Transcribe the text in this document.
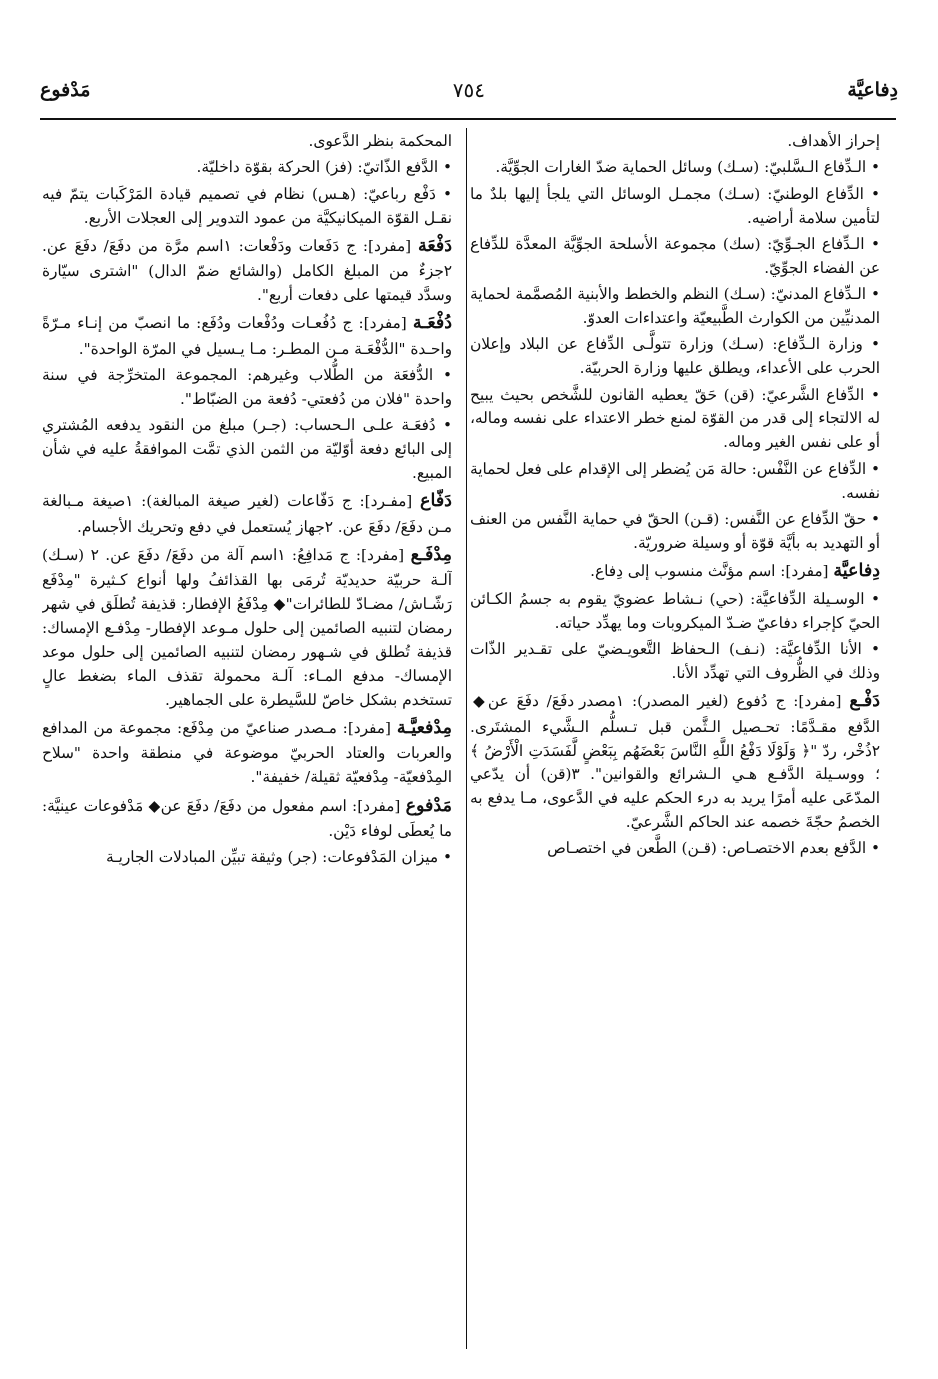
دِفاعيَّة
٧٥٤
مَدْفوع

إحراز الأهداف.

• الـدِّفاع الـسَّلبيّ: (سـك) وسائل الحماية ضدّ الغارات الجوِّيَّة.

• الدِّفاع الوطنيّ: (سـك) مجمـل الوسائل التي يلجأ إليها بلدٌ ما لتأمين سلامة أراضيه.

• الـدِّفاع الجـوِّيّ: (سك) مجموعة الأسلحة الجوِّيَّة المعدَّة للدِّفاع عن الفضاء الجوِّيّ.

• الـدِّفاع المدنيّ: (سـك) النظم والخطط والأبنية المُصمَّمة لحماية المدنيِّين من الكوارث الطَّبيعيّة واعتداءات العدوّ.

• وزارة الـدِّفاع: (سـك) وزارة تتولَّـى الدِّفاع عن البلاد وإعلان الحرب على الأعداء، ويطلق عليها وزارة الحربيّة.

• الدِّفاع الشَّرعيّ: (قن) حَقّ يعطيه القانون للشَّخص بحيث يبيح له الالتجاء إلى قدر من القوّة لمنع خطر الاعتداء على نفسه وماله، أو على نفس الغير وماله.

• الدِّفاع عن النَّفْس: حالة مَن يُضطر إلى الإقدام على فعل لحماية نفسه.

• حقّ الدِّفاع عن النَّفس: (قـن) الحقّ في حماية النَّفس من العنف أو التهديد به بأيَّة قوّة أو وسيلة ضروريّة.

دِفاعيَّة [مفرد]: اسم مؤنَّث منسوب إلى دِفاع.

• الوسـيلة الدِّفاعيَّة: (حي) نـشاط عضويّ يقوم به جسمُ الكـائن الحيّ كإجراء دفاعيّ ضـدّ الميكروبات وما يهدِّد حياته.

• الأنا الدِّفاعيَّة: (نـف) الـحفاظ التَّعويـضيّ على تقـدير الذّات وذلك في الظُّروف التي تهدِّد الأنا.

دَفْـع [مفرد]: ج دُفوع (لغير المصدر): ١مصدر دفَعَ/ دفَعَ عن◆ الدَّفع مقـدَّمًا: تحـصيل الـثَّمن قبل تـسلُّم الـشَّيء المشتَرى. ٢ذُخْر، ردّ "﴿ وَلَوْلَا دَفْعُ اللَّهِ النَّاسَ بَعْضَهُم بِبَعْضٍ لَّفَسَدَتِ الْأَرْضُ ﴾ ؛ ووسـيلة الدَّفـع هـي الـشرائع والقوانين". ٣(قن) أن يدّعي المدّعَى عليه أمرًا يريد به درء الحكم عليه في الدَّعوى، مـا يدفع به الخصمُ حجّةَ خصمه عند الحاكم الشَّرعيّ.

• الدَّفع بعدم الاختصـاص: (قـن) الطَّعن في اختصـاص

المحكمة بنظر الدَّعوى.

• الدَّفع الذّاتيّ: (فز) الحركة بقوّة داخليّة.

• دَفْع رباعيّ: (هـس) نظام في تصميم قيادة المَرْكَبات يتمّ فيه نقـل القوّة الميكانيكيَّة من عمود التدوير إلى العجلات الأربع.

دَفْعَة [مفرد]: ج دَفَعات ودَفْعات: ١اسم مرَّة من دفَعَ/ دفَعَ عن. ٢جزءٌ من المبلغ الكامل (والشائع ضمّ الدال) "اشترى سيّارة وسدَّد قيمتها على دفعات أربع".

دُفْعَـة [مفرد]: ج دُفُعـات ودُفْعات ودُفَع: ما انصبّ من إنـاء مـرّةً واحـدة "الدُّفْعَـة مـن المطـر: مـا يـسيل في المرّة الواحدة".

• الدُّفعَة من الطُّلاب وغيرهم: المجموعة المتخرِّجة في سنة واحدة "فلان من دُفعتي- دُفعة من الضبّاط".

• دُفعَـة علـى الـحساب: (جـر) مبلغ من النقود يدفعه المُشتري إلى البائع دفعة أوّليّة من الثمن الذي تمَّت الموافقةُ عليه في شأن المبيع.

دَفّاع [مفـرد]: ج دَفّاعات (لغير صيغة المبالغة): ١صيغة مـبالغة مـن دفَعَ/ دفَعَ عن. ٢جهاز يُستعمل في دفع وتحريك الأجسام.

مِدْفَـع [مفرد]: ج مَدافِعُ: ١اسم آلة من دفَعَ/ دفَعَ عن. ٢ (سـك) آلـة حربيّة حديديّة تُرمَى بها القذائفُ ولها أنواع كـثيرة "مِدْفَع رَشّـاش/ مضـادّ للطائرات"◆ مِدْفَعُ الإفطار: قذيفة تُطلَق في شهر رمضان لتنبيه الصائمين إلى حلول مـوعد الإفطار- مِدْفـع الإمساك: قذيفة تُطلق في شـهور رمضان لتنبيه الصائمين إلى حلول موعد الإمساك- مدفع المـاء: آلـة محمولة تقذف الماء بضغط عالٍ تستخدم بشكل خاصّ للسَّيطرة على الجماهير.

مِدْفعيَّـة [مفرد]: مـصدر صناعيّ من مِدْفَع: مجموعة من المدافع والعربات والعتاد الحربيّ موضوعة في منطقة واحدة "سلاح المِدْفعيّة- مِدْفعيّة ثقيلة/ خفيفة".

مَدْفوع [مفرد]: اسم مفعول من دفَعَ/ دفَعَ عن◆ مَدْفوعات عينيَّة: ما يُعطَى لوفاء دَيْن.

• ميزان المَدْفوعات: (جر) وثيقة تبيِّن المبادلات الجاريـة
